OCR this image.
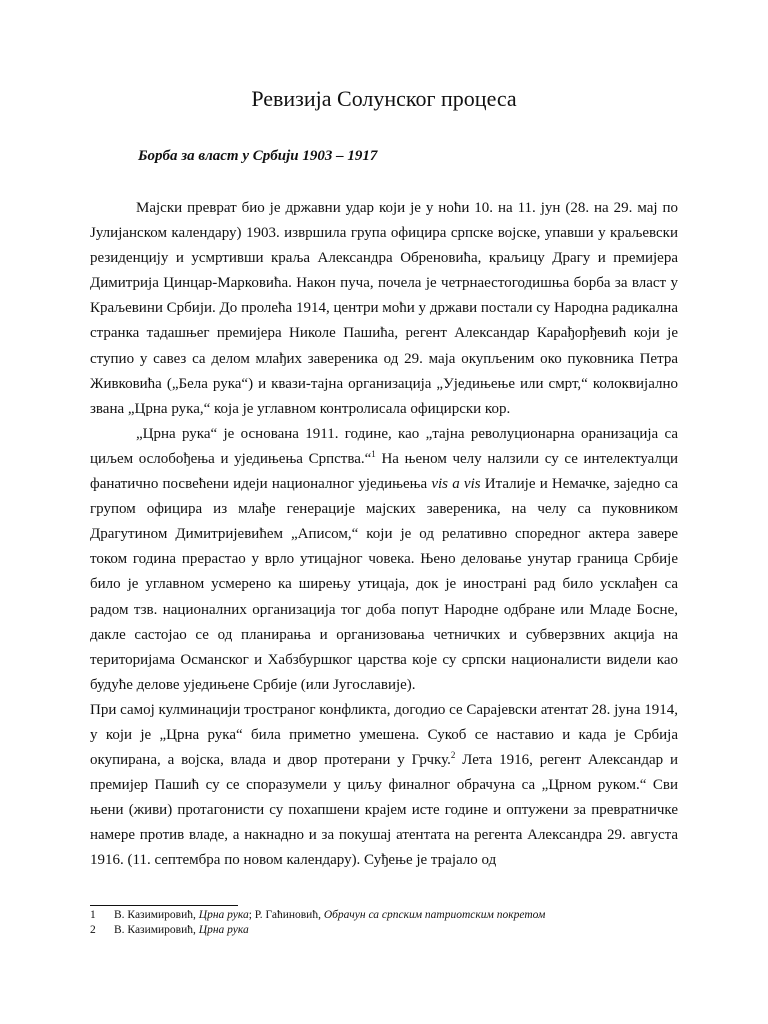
Ревизија Солунског процеса
Борба за власт у Србији 1903 – 1917

Мајски преврат био је државни удар који је у ноћи 10. на 11. јун (28. на 29. мај по Јулијанском календару) 1903. извршила група официра српске војске, упавши у краљевски резиденцију и усмртивши краља Александра Обреновића, краљицу Драгу и премијера Димитрија Цинцар-Марковића. Након пуча, почела је четрнаестогодишња борба за власт у Краљевини Србији. До пролећа 1914, центри моћи у држави постали су Народна радикална странка тадашњег премијера Николе Пашића, регент Александар Карађорђевић који је ступио у савез са делом млађих завереника од 29. маја окупљеним око пуковника Петра Живковића („Бела рука“) и квази-тајна организација „Уједињење или смрт,“ колоквијално звана „Црна рука,“ која је углавном контролисала официрски кор.

„Црна рука“ је основана 1911. године, као „тајна револуционарна оранизација са циљем ослобођења и уједињења Српства.“$^1$ На њеном челу налзили су се интелектуалци фанатично посвећени идеји националног уједињења vis a vis Италије и Немачке, заједно са групом официра из млађе генерације мајских завереника, на челу са пуковником Драгутином Димитријевићем „Аписом,“ који је од релативно споредног актера завере током година прерастао у врло утицајног човека. Њено деловање унутар граница Србије било је углавном усмерено ка ширењу утицаја, док је иностранi рад било усклађен са радом тзв. националних организација тог доба попут Народне одбране или Младе Босне, дакле састојао се од планирања и организовања четничких и субверзвних акција на територијама Османског и Хабзбуршког царства које су српски националисти видели као будуће делове уједињене Србије (или Југославије).

При самој кулминацији тространог конфликта, догодио се Сарајевски атентат 28. јуна 1914, у који је „Црна рука“ била приметно умешена. Сукоб се наставио и када је Србија окупирана, а војска, влада и двор протерани у Грчку.$^2$ Лета 1916, регент Александар и премијер Пашић су се споразумели у циљу финалног обрачуна са „Црном руком.“ Сви њени (живи) протагонисти су похапшени крајем исте године и оптужени за превратничке намере против владе, а накнадно и за покушај атентата на регента Александра 29. августа 1916. (11. септембра по новом календару). Суђење је трајало од

1	В. Казимировић, Црна рука; Р. Гаћиновић, Обрачун са српским патриотским покретом
2	В. Казимировић, Црна рука
